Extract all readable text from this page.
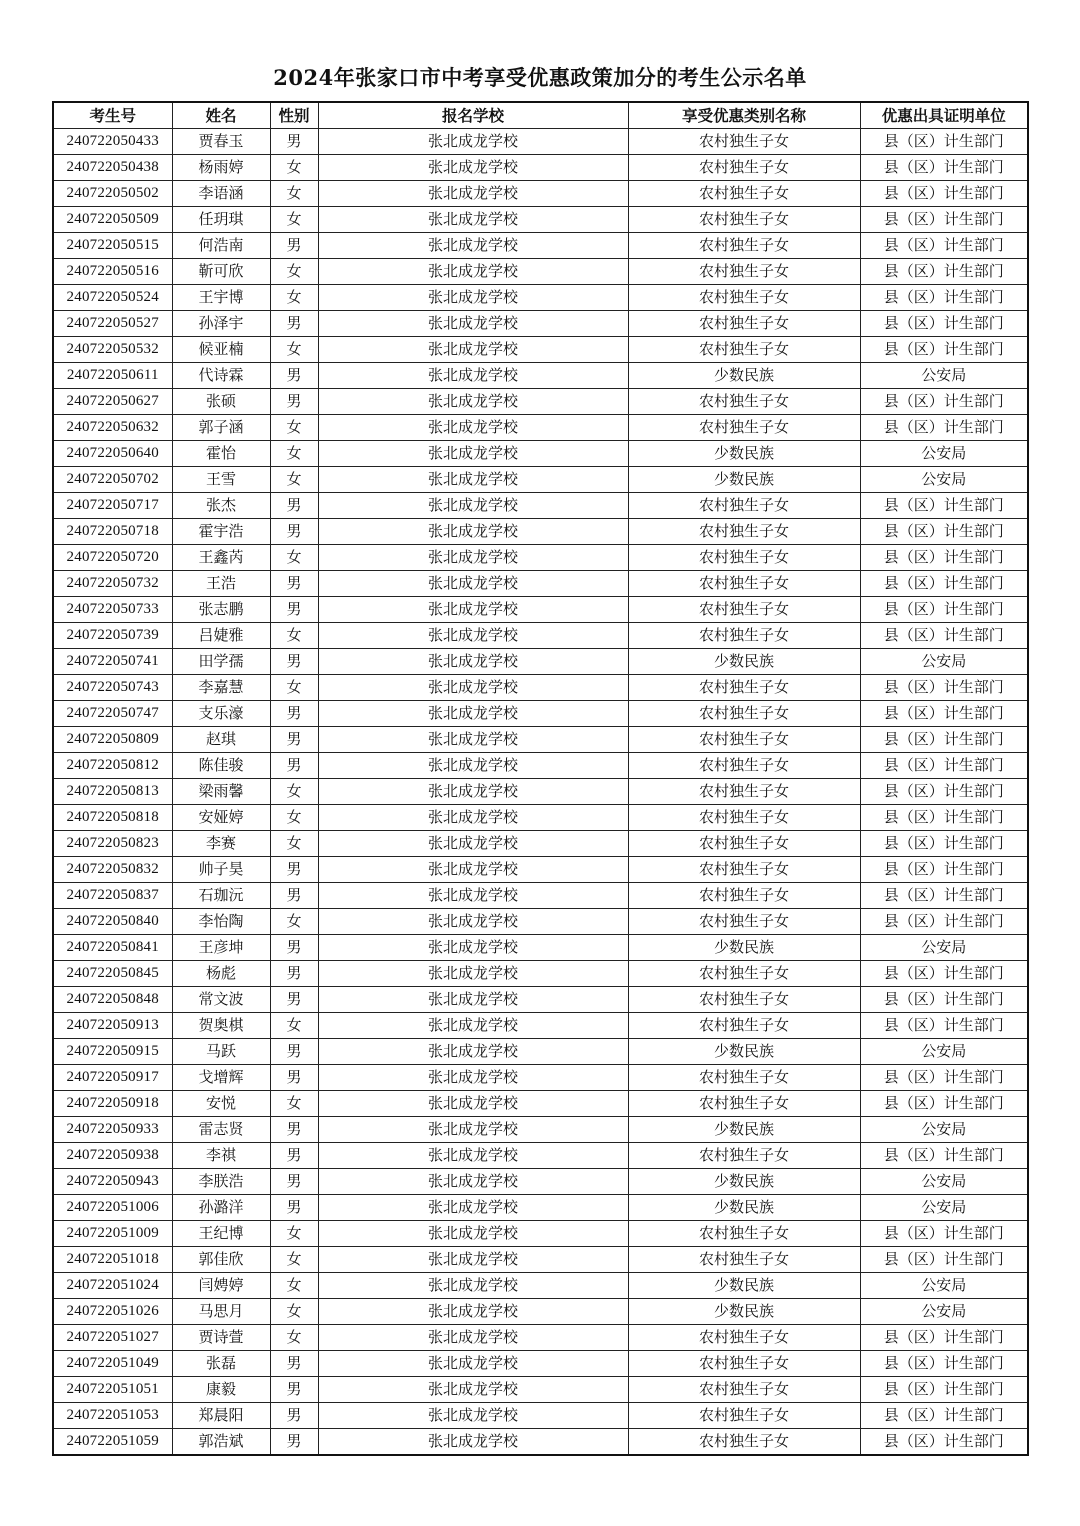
2024年张家口市中考享受优惠政策加分的考生公示名单
考生号	姓名	性别	报名学校	享受优惠类别名称	优惠出具证明单位
240722050433	贾春玉	男	张北成龙学校	农村独生子女	县（区）计生部门
240722050438	杨雨婷	女	张北成龙学校	农村独生子女	县（区）计生部门
240722050502	李语涵	女	张北成龙学校	农村独生子女	县（区）计生部门
240722050509	任玥琪	女	张北成龙学校	农村独生子女	县（区）计生部门
240722050515	何浩南	男	张北成龙学校	农村独生子女	县（区）计生部门
240722050516	靳可欣	女	张北成龙学校	农村独生子女	县（区）计生部门
240722050524	王宇博	女	张北成龙学校	农村独生子女	县（区）计生部门
240722050527	孙泽宇	男	张北成龙学校	农村独生子女	县（区）计生部门
240722050532	候亚楠	女	张北成龙学校	农村独生子女	县（区）计生部门
240722050611	代诗霖	男	张北成龙学校	少数民族	公安局
240722050627	张硕	男	张北成龙学校	农村独生子女	县（区）计生部门
240722050632	郭子涵	女	张北成龙学校	农村独生子女	县（区）计生部门
240722050640	霍怡	女	张北成龙学校	少数民族	公安局
240722050702	王雪	女	张北成龙学校	少数民族	公安局
240722050717	张杰	男	张北成龙学校	农村独生子女	县（区）计生部门
240722050718	霍宇浩	男	张北成龙学校	农村独生子女	县（区）计生部门
240722050720	王鑫芮	女	张北成龙学校	农村独生子女	县（区）计生部门
240722050732	王浩	男	张北成龙学校	农村独生子女	县（区）计生部门
240722050733	张志鹏	男	张北成龙学校	农村独生子女	县（区）计生部门
240722050739	吕婕雅	女	张北成龙学校	农村独生子女	县（区）计生部门
240722050741	田学孺	男	张北成龙学校	少数民族	公安局
240722050743	李嘉慧	女	张北成龙学校	农村独生子女	县（区）计生部门
240722050747	支乐濠	男	张北成龙学校	农村独生子女	县（区）计生部门
240722050809	赵琪	男	张北成龙学校	农村独生子女	县（区）计生部门
240722050812	陈佳骏	男	张北成龙学校	农村独生子女	县（区）计生部门
240722050813	梁雨馨	女	张北成龙学校	农村独生子女	县（区）计生部门
240722050818	安娅婷	女	张北成龙学校	农村独生子女	县（区）计生部门
240722050823	李赛	女	张北成龙学校	农村独生子女	县（区）计生部门
240722050832	帅子昊	男	张北成龙学校	农村独生子女	县（区）计生部门
240722050837	石珈沅	男	张北成龙学校	农村独生子女	县（区）计生部门
240722050840	李怡陶	女	张北成龙学校	农村独生子女	县（区）计生部门
240722050841	王彦坤	男	张北成龙学校	少数民族	公安局
240722050845	杨彪	男	张北成龙学校	农村独生子女	县（区）计生部门
240722050848	常文波	男	张北成龙学校	农村独生子女	县（区）计生部门
240722050913	贺奥棋	女	张北成龙学校	农村独生子女	县（区）计生部门
240722050915	马跃	男	张北成龙学校	少数民族	公安局
240722050917	戈增辉	男	张北成龙学校	农村独生子女	县（区）计生部门
240722050918	安悦	女	张北成龙学校	农村独生子女	县（区）计生部门
240722050933	雷志贤	男	张北成龙学校	少数民族	公安局
240722050938	李祺	男	张北成龙学校	农村独生子女	县（区）计生部门
240722050943	李朕浩	男	张北成龙学校	少数民族	公安局
240722051006	孙潞洋	男	张北成龙学校	少数民族	公安局
240722051009	王纪博	女	张北成龙学校	农村独生子女	县（区）计生部门
240722051018	郭佳欣	女	张北成龙学校	农村独生子女	县（区）计生部门
240722051024	闫娉婷	女	张北成龙学校	少数民族	公安局
240722051026	马思月	女	张北成龙学校	少数民族	公安局
240722051027	贾诗萱	女	张北成龙学校	农村独生子女	县（区）计生部门
240722051049	张磊	男	张北成龙学校	农村独生子女	县（区）计生部门
240722051051	康毅	男	张北成龙学校	农村独生子女	县（区）计生部门
240722051053	郑晨阳	男	张北成龙学校	农村独生子女	县（区）计生部门
240722051059	郭浩斌	男	张北成龙学校	农村独生子女	县（区）计生部门
